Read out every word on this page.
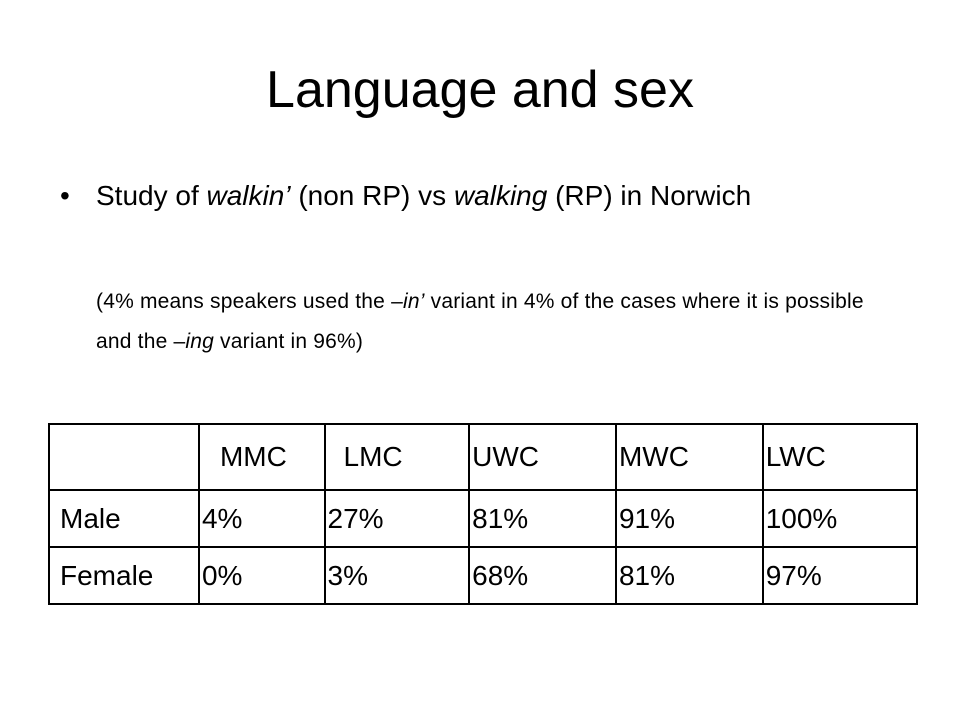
Language and sex
• Study of walkin’ (non RP) vs walking (RP) in Norwich
(4% means speakers used the –in’ variant in 4% of the cases where it is possible and the –ing variant in 96%)
	MMC	LMC	UWC	MWC	LWC
Male	4%	27%	81%	91%	100%
Female	0%	3%	68%	81%	97%
